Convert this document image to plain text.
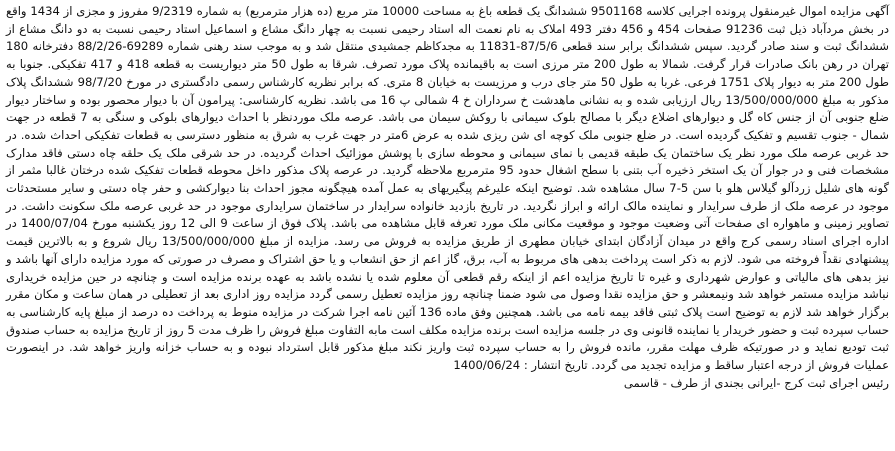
آگهی مزایده اموال غیرمنقول پرونده اجرایی کلاسه 9501168 ششدانگ یک قطعه باغ به مساحت 10000 متر مربع (ده هزار مترمربع) به شماره 9/2319 مفروز و مجزی از 1434 واقع در بخش مردآباد ذیل ثبت 91236 صفحات 454 و 456 دفتر 493 املاک به نام نعمت اله استاد رحیمی نسبت به چهار دانگ مشاع و اسماعیل استاد رحیمی نسبت به دو دانگ مشاع از ششدانگ ثبت و سند صادر گردید. سپس ششدانگ برابر سند قطعی 87/5/6-11831 به مجدکاظم جمشیدی منتقل شد و به موجب سند رهنی شماره 69289-88/2/26 دفترخانه 180 تهران در رهن بانک صادرات قرار گرفت. شمالا به طول 200 متر مرزی است به باقیمانده پلاک مورد تصرف. شرقا به طول 50 متر دیواریست به قطعه 418 و 417 تفکیکی. جنوبا به طول 200 متر به دیوار پلاک 1751 فرعی. غربا به طول 50 متر جای درب و مرزیست به خیابان 8 متری. که برابر نظریه کارشناس رسمی دادگستری در مورخ 98/7/20 ششدانگ پلاک مذکور به مبلغ 13/500/000/000 ریال ارزیابی شده و به نشانی ماهدشت خ سرداران خ 4 شمالی پ 16 می باشد. نظریه کارشناسی: پیرامون آن با دیوار محصور بوده و ساختار دیوار ضلع جنوبی آن از جنس کاه گل و دیوارهای اضلاع دیگر با مصالح بلوک سیمانی با روکش سیمان می باشد. عرصه ملک موردنظر با احداث دیوارهای بلوکی و سنگی به 7 قطعه در جهت شمال - جنوب تقسیم و تفکیک گردیده است. در ضلع جنوبی ملک کوچه ای شن ریزی شده به عرض 6متر در جهت غرب به شرق به منظور دسترسی به قطعات تفکیکی احداث شده. در حد غربی عرصه ملک مورد نظر یک ساختمان یک طبقه قدیمی با نمای سیمانی و محوطه سازی با پوشش موزائیک احداث گردیده. در حد شرقی ملک یک حلقه چاه دستی فاقد مدارک مشخصات فنی و در جوار آن یک استخر ذخیره آب بتنی با سطح اشغال حدود 95 مترمربع ملاحظه گردید. در عرصه پلاک مذکور داخل محوطه قطعات تفکیک شده درختان غالبا مثمر از گونه های شلیل زردآلو گیلاس هلو با سن 5-7 سال مشاهده شد. توضیح اینکه علیرغم پیگیریهای به عمل آمده هیچگونه مجوز احداث بنا دیوارکشی و حفر چاه دستی و سایر مستحدثات موجود در عرصه ملک از طرف سرایدار و نماینده مالک ارائه و ابراز نگردید. در تاریخ بازدید خانواده سرایدار در ساختمان سرایداری موجود در حد غربی عرصه ملک سکونت داشت. در تصاویر زمینی و ماهواره ای صفحات آتی وضعیت موجود و موقعیت مکانی ملک مورد تعرفه قابل مشاهده می باشد. پلاک فوق از ساعت 9 الی 12 روز یکشنبه مورخ 1400/07/04 در اداره اجرای اسناد رسمی کرج واقع در میدان آزادگان ابتدای خیابان مطهری از طریق مزایده به فروش می رسد. مزایده از مبلغ 13/500/000/000 ریال شروع و به بالاترین قیمت پیشنهادی نقداً فروخته می شود. لازم به ذکر است پرداخت بدهی های مربوط به آب، برق، گاز اعم از حق انشعاب و یا حق اشتراک و مصرف در صورتی که مورد مزایده دارای آنها باشد و نیز بدهی های مالیاتی و عوارض شهرداری و غیره تا تاریخ مزایده اعم از اینکه رقم قطعی آن معلوم شده یا نشده باشد به عهده برنده مزایده است و چنانچه در حین مزایده خریداری نباشد مزایده مستمر خواهد شد ونیمعشر و حق مزایده نقدا وصول می شود ضمنا چنانچه روز مزایده تعطیل رسمی گردد مزایده روز اداری بعد از تعطیلی در همان ساعت و مکان مقرر برگزار خواهد شد لازم به توضیح است پلاک ثبتی فاقد بیمه نامه می باشد. همچنین وفق ماده 136 آئین نامه اجرا شرکت در مزایده منوط به پرداخت ده درصد از مبلغ پایه کارشناسی به حساب سپرده ثبت و حضور خریدار یا نماینده قانونی وی در جلسه مزایده است برنده مزایده مکلف است مابه التفاوت مبلغ فروش را ظرف مدت 5 روز از تاریخ مزایده به حساب صندوق ثبت تودیع نماید و در صورتیکه ظرف مهلت مقرر، مانده فروش را به حساب سپرده ثبت واریز نکند مبلغ مذکور قابل استرداد نبوده و به حساب خزانه واریز خواهد شد. در اینصورت عملیات فروش از درجه اعتبار ساقط و مزایده تجدید می گردد. تاریخ انتشار : 1400/06/24

رئیس اجرای ثبت کرج -ایرانی بجندی از طرف - قاسمی
